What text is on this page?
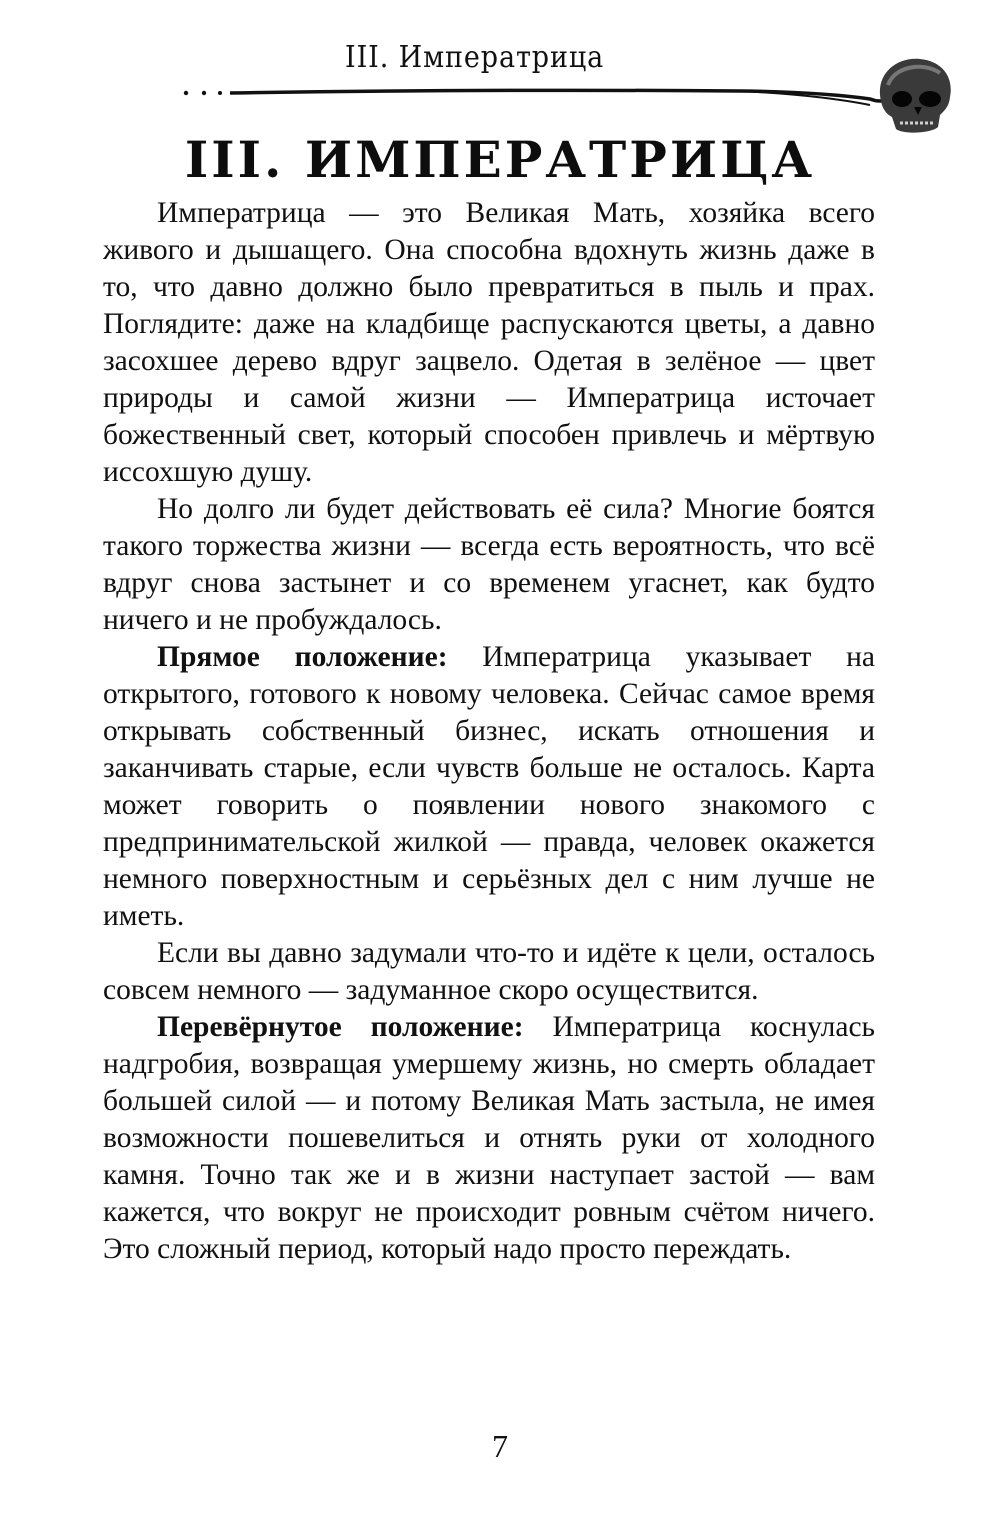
III. Императрица
III. ИМПЕРАТРИЦА

Императрица — это Великая Мать, хозяйка всего живого и дышащего. Она способна вдохнуть жизнь даже в то, что давно должно было превратиться в пыль и прах. Поглядите: даже на кладбище распускаются цветы, а давно засохшее дерево вдруг зацвело. Одетая в зелёное — цвет природы и самой жизни — Императрица источает божественный свет, который способен привлечь и мёртвую иссохшую душу.

Но долго ли будет действовать её сила? Многие боятся такого торжества жизни — всегда есть вероятность, что всё вдруг снова застынет и со временем угаснет, как будто ничего и не пробуждалось.

Прямое положение: Императрица указывает на открытого, готового к новому человека. Сейчас самое время открывать собственный бизнес, искать отношения и заканчивать старые, если чувств больше не осталось. Карта может говорить о появлении нового знакомого с предпринимательской жилкой — правда, человек окажется немного поверхностным и серьёзных дел с ним лучше не иметь.

Если вы давно задумали что-то и идёте к цели, осталось совсем немного — задуманное скоро осуществится.

Перевёрнутое положение: Императрица коснулась надгробия, возвращая умершему жизнь, но смерть обладает большей силой — и потому Великая Мать застыла, не имея возможности пошевелиться и отнять руки от холодного камня. Точно так же и в жизни наступает застой — вам кажется, что вокруг не происходит ровным счётом ничего. Это сложный период, который надо просто переждать.

7
